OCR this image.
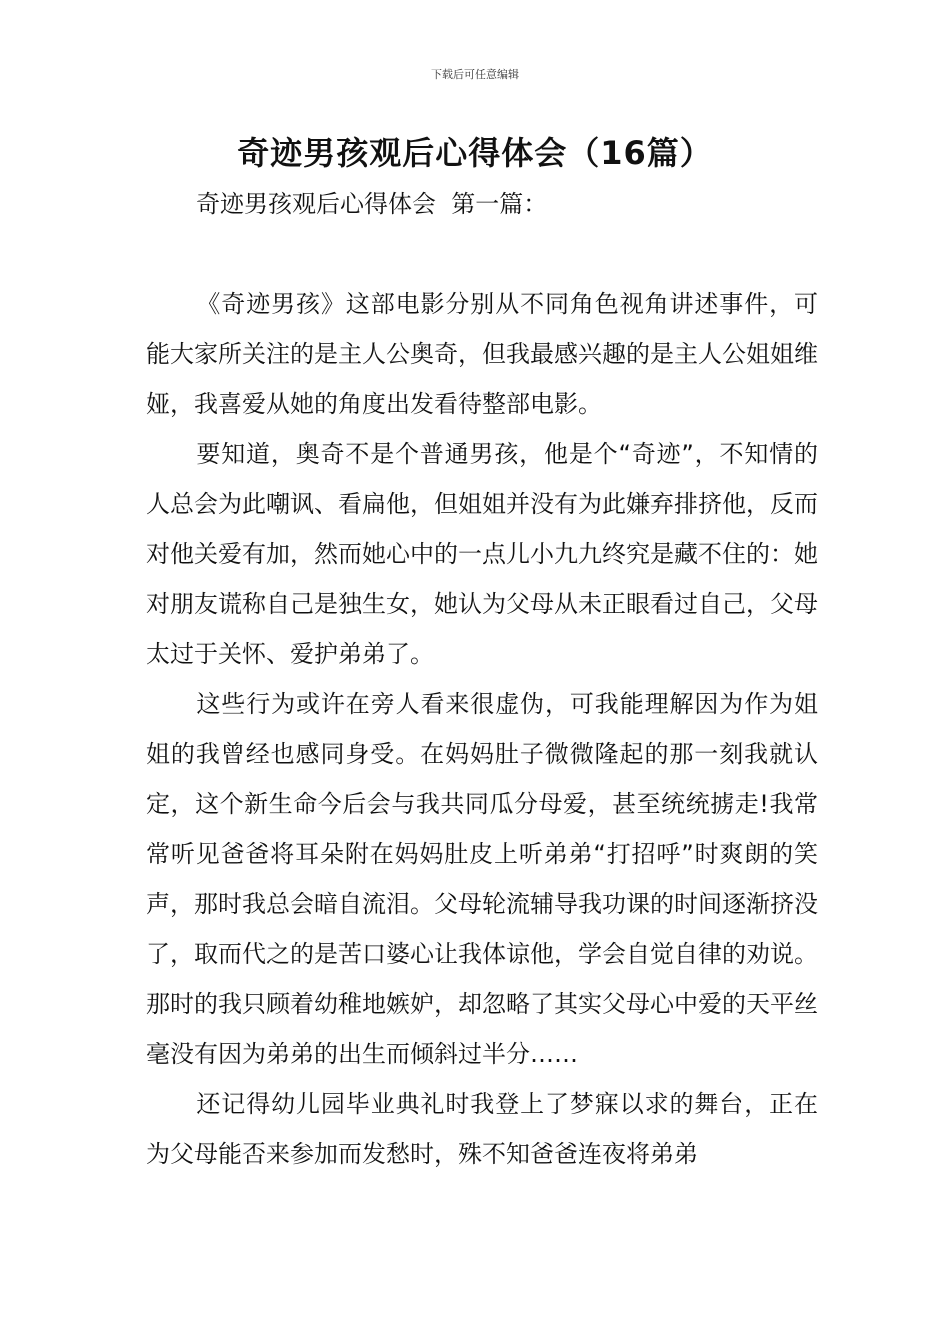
下载后可任意编辑
奇迹男孩观后心得体会（16篇）
奇迹男孩观后心得体会  第一篇：

《奇迹男孩》这部电影分别从不同角色视角讲述事件，可能大家所关注的是主人公奥奇，但我最感兴趣的是主人公姐姐维娅，我喜爱从她的角度出发看待整部电影。

要知道，奥奇不是个普通男孩，他是个“奇迹”，不知情的人总会为此嘲讽、看扁他，但姐姐并没有为此嫌弃排挤他，反而对他关爱有加，然而她心中的一点儿小九九终究是藏不住的：她对朋友谎称自己是独生女，她认为父母从未正眼看过自己，父母太过于关怀、爱护弟弟了。

这些行为或许在旁人看来很虚伪，可我能理解因为作为姐姐的我曾经也感同身受。在妈妈肚子微微隆起的那一刻我就认定，这个新生命今后会与我共同瓜分母爱，甚至统统掳走!我常常听见爸爸将耳朵附在妈妈肚皮上听弟弟“打招呼”时爽朗的笑声，那时我总会暗自流泪。父母轮流辅导我功课的时间逐渐挤没了，取而代之的是苦口婆心让我体谅他，学会自觉自律的劝说。那时的我只顾着幼稚地嫉妒，却忽略了其实父母心中爱的天平丝毫没有因为弟弟的出生而倾斜过半分……

还记得幼儿园毕业典礼时我登上了梦寐以求的舞台，正在为父母能否来参加而发愁时，殊不知爸爸连夜将弟弟
